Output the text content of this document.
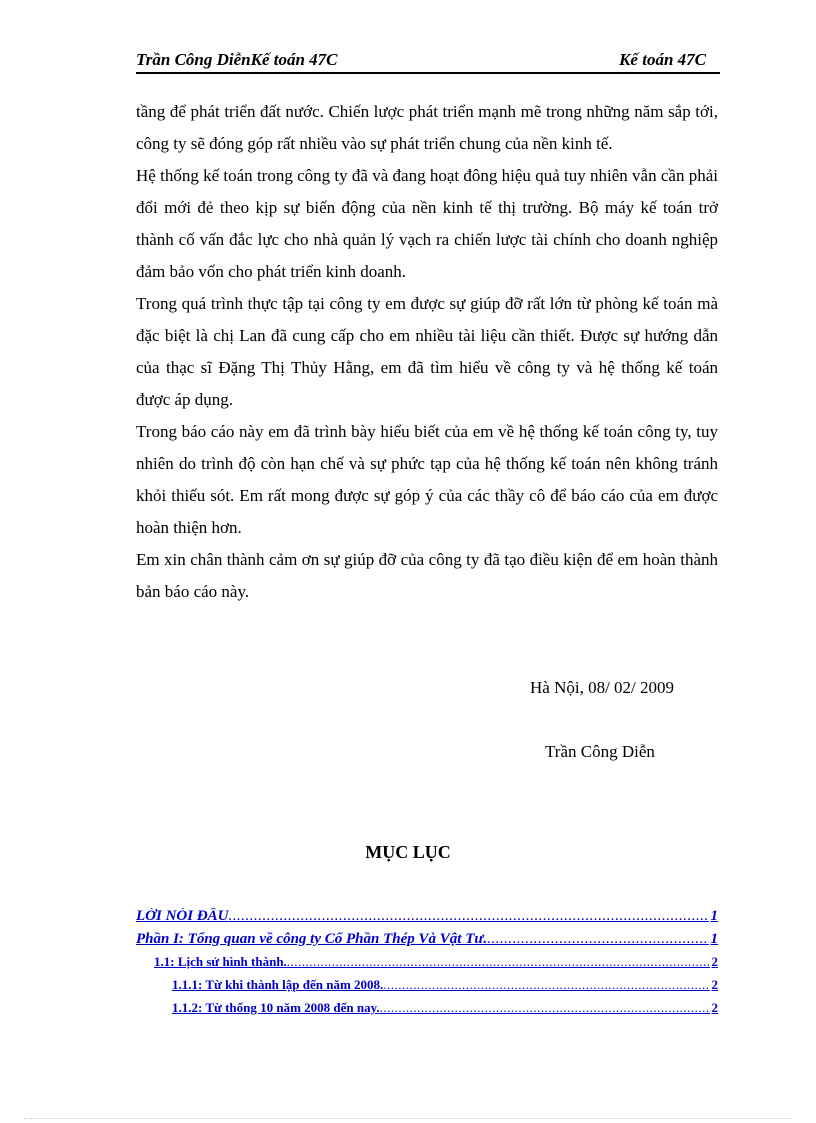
Trần Công DiễnKế toán 47C	Kế toán 47C

tầng để phát triển đất nước. Chiến lược phát triển mạnh mẽ trong những năm sắp tới, công ty sẽ đóng góp rất nhiều vào sự phát triển chung của nền kinh tế.

Hệ thống kế toán trong công ty đã và đang hoạt đông hiệu quả tuy nhiên vẫn cần phải đổi mới đẻ theo kịp sự biến động của nền kinh tế thị trường. Bộ máy kế toán trở thành cố vấn đắc lực cho nhà quản lý vạch ra chiến lược tài chính cho doanh nghiệp đảm bảo vốn cho phát triển kinh doanh.

Trong quá trình thực tập tại công ty em được sự giúp đỡ rất lớn từ phòng kế toán mà đặc biệt là chị Lan đã cung cấp cho em nhiều tài liệu cần thiết. Được sự hướng dẫn của thạc sĩ Đặng Thị Thủy Hằng, em đã tìm hiểu về công ty và hệ thống kế toán được áp dụng.

Trong báo cáo này em đã trình bày hiểu biết của em về hệ thống kế toán công ty, tuy nhiên do trình độ còn hạn chế và sự phức tạp của hệ thống kế toán nên không tránh khỏi thiếu sót. Em rất mong được sự góp ý của các thầy cô để báo cáo của em được hoàn thiện hơn.

Em xin chân thành cảm ơn sự giúp đỡ của công ty đã tạo điều kiện để em hoàn thành bản báo cáo này.

Hà Nội, 08/ 02/ 2009
Trần Công Diễn
MỤC LỤC
LỜI NÓI ĐẦU .....	1
Phần I: Tổng quan về công ty Cổ Phần Thép Và Vật Tư. .....	1
1.1: Lịch sử hình thành. .....	2
1.1.1: Từ khi thành lập đến năm 2008. .....	2
1.1.2: Từ thống 10 năm 2008 đến nay. .....	2
